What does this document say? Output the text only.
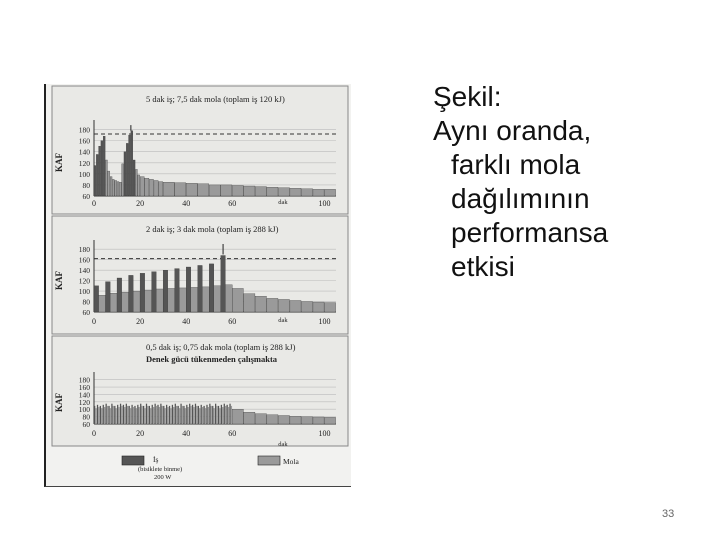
5 dak iş; 7,5 dak mola (toplam iş 120 kJ)
60
80
100
120
140
160
180
KAF
0	20	40	60	100
dak
2 dak iş; 3 dak mola (toplam iş 288 kJ)
60
80
100
120
140
160
180
KAF
0	20	40	60	100
dak
0,5 dak iş; 0,75 dak mola (toplam iş 288 kJ)
Denek gücü tükenmeden çalışmakta
60
80
100
120
140
160
180
KAF
0	20	40	60	100
dak
İş
(bisiklete binme)
200 W
Mola
Şekil:
Aynı oranda,
farklı mola
dağılımının
performansa
etkisi
33
